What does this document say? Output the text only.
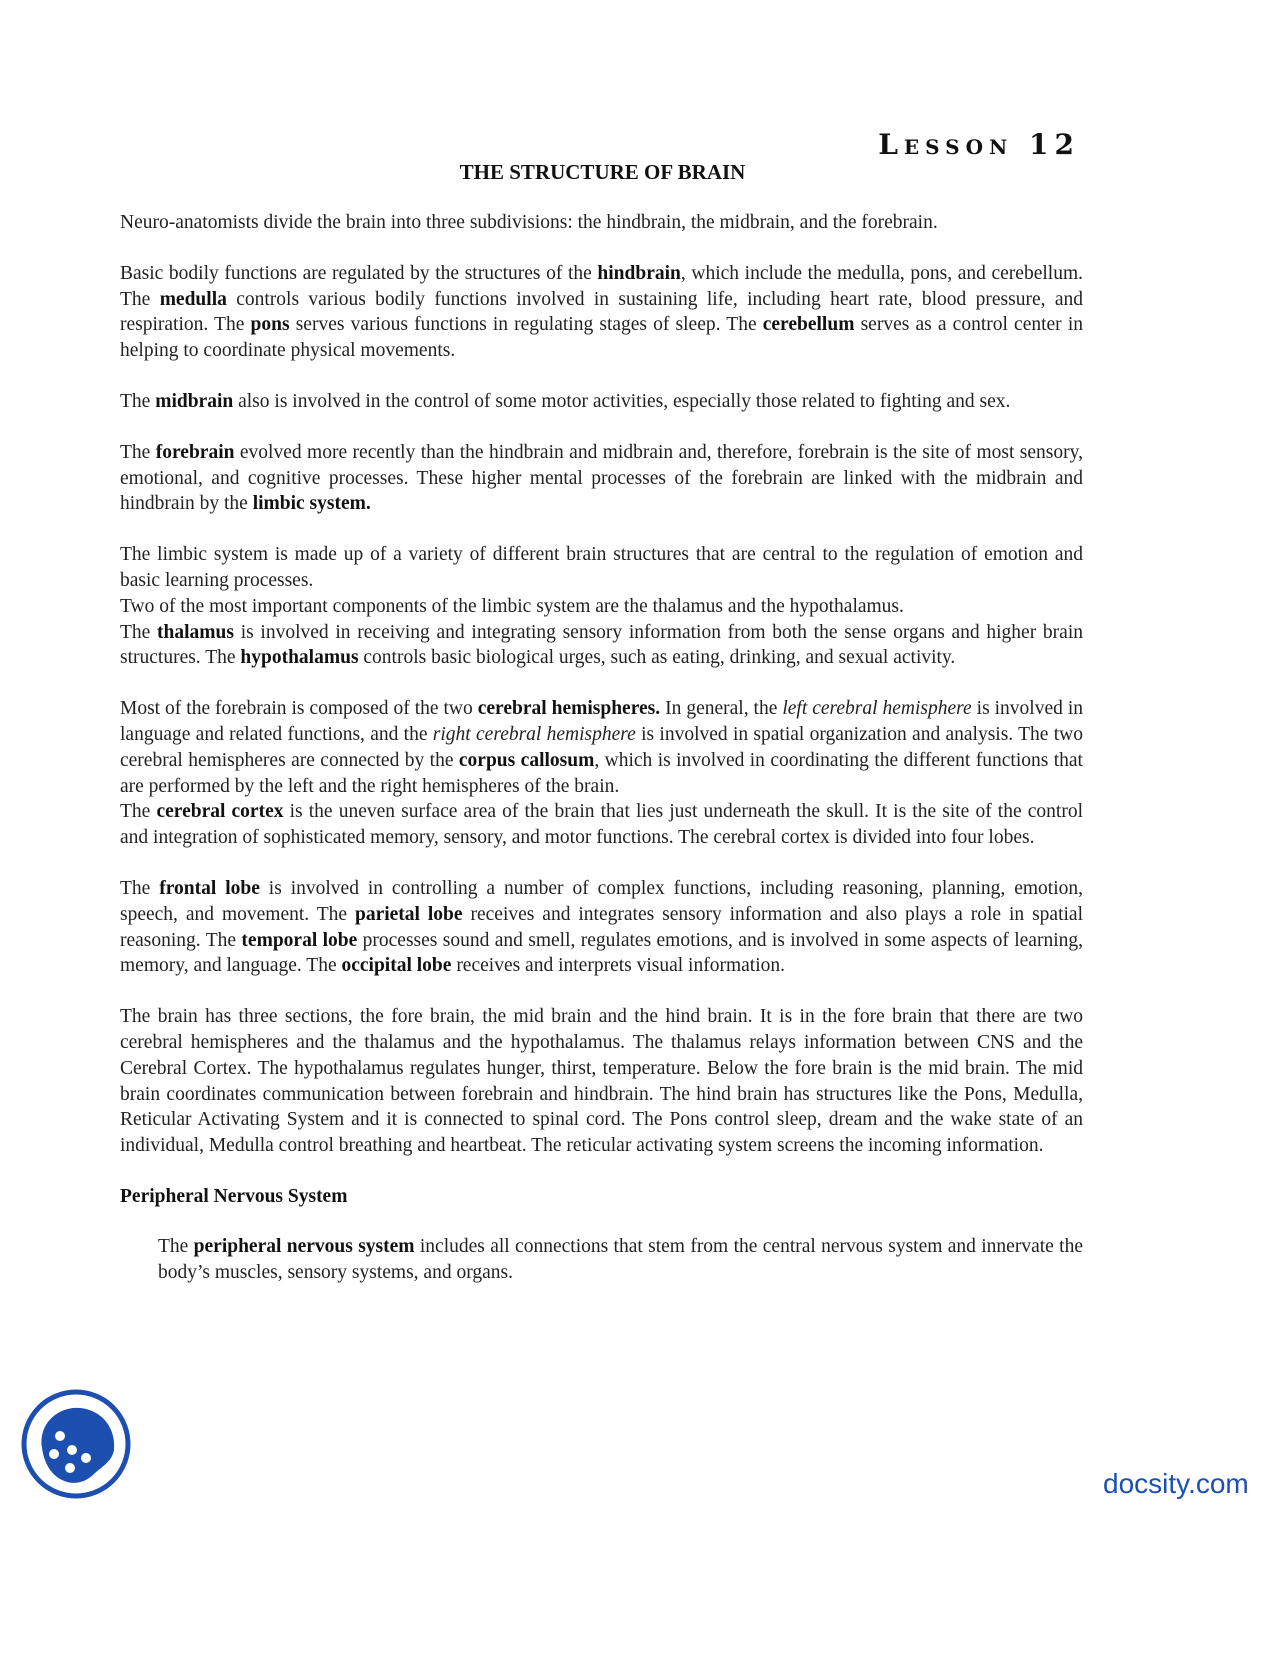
Lesson 12
THE STRUCTURE OF BRAIN

Neuro-anatomists divide the brain into three subdivisions: the hindbrain, the midbrain, and the forebrain.

Basic bodily functions are regulated by the structures of the hindbrain, which include the medulla, pons, and cerebellum. The medulla controls various bodily functions involved in sustaining life, including heart rate, blood pressure, and respiration. The pons serves various functions in regulating stages of sleep. The cerebellum serves as a control center in helping to coordinate physical movements.

The midbrain also is involved in the control of some motor activities, especially those related to fighting and sex.

The forebrain evolved more recently than the hindbrain and midbrain and, therefore, forebrain is the site of most sensory, emotional, and cognitive processes. These higher mental processes of the forebrain are linked with the midbrain and hindbrain by the limbic system.

The limbic system is made up of a variety of different brain structures that are central to the regulation of emotion and basic learning processes.
Two of the most important components of the limbic system are the thalamus and the hypothalamus.
The thalamus is involved in receiving and integrating sensory information from both the sense organs and higher brain structures. The hypothalamus controls basic biological urges, such as eating, drinking, and sexual activity.
Most of the forebrain is composed of the two cerebral hemispheres. In general, the left cerebral hemisphere is involved in language and related functions, and the right cerebral hemisphere is involved in spatial organization and analysis. The two cerebral hemispheres are connected by the corpus callosum, which is involved in coordinating the different functions that are performed by the left and the right hemispheres of the brain.
The cerebral cortex is the uneven surface area of the brain that lies just underneath the skull. It is the site of the control and integration of sophisticated memory, sensory, and motor functions. The cerebral cortex is divided into four lobes.

The frontal lobe is involved in controlling a number of complex functions, including reasoning, planning, emotion, speech, and movement. The parietal lobe receives and integrates sensory information and also plays a role in spatial reasoning. The temporal lobe processes sound and smell, regulates emotions, and is involved in some aspects of learning, memory, and language. The occipital lobe receives and interprets visual information.

The brain has three sections, the fore brain, the mid brain and the hind brain. It is in the fore brain that there are two cerebral hemispheres and the thalamus and the hypothalamus. The thalamus relays information between CNS and the Cerebral Cortex. The hypothalamus regulates hunger, thirst, temperature. Below the fore brain is the mid brain. The mid brain coordinates communication between forebrain and hindbrain. The hind brain has structures like the Pons, Medulla, Reticular Activating System and it is connected to spinal cord. The Pons control sleep, dream and the wake state of an individual, Medulla control breathing and heartbeat. The reticular activating system screens the incoming information.

Peripheral Nervous System

The peripheral nervous system includes all connections that stem from the central nervous system and innervate the body’s muscles, sensory systems, and organs.

docsity.com
